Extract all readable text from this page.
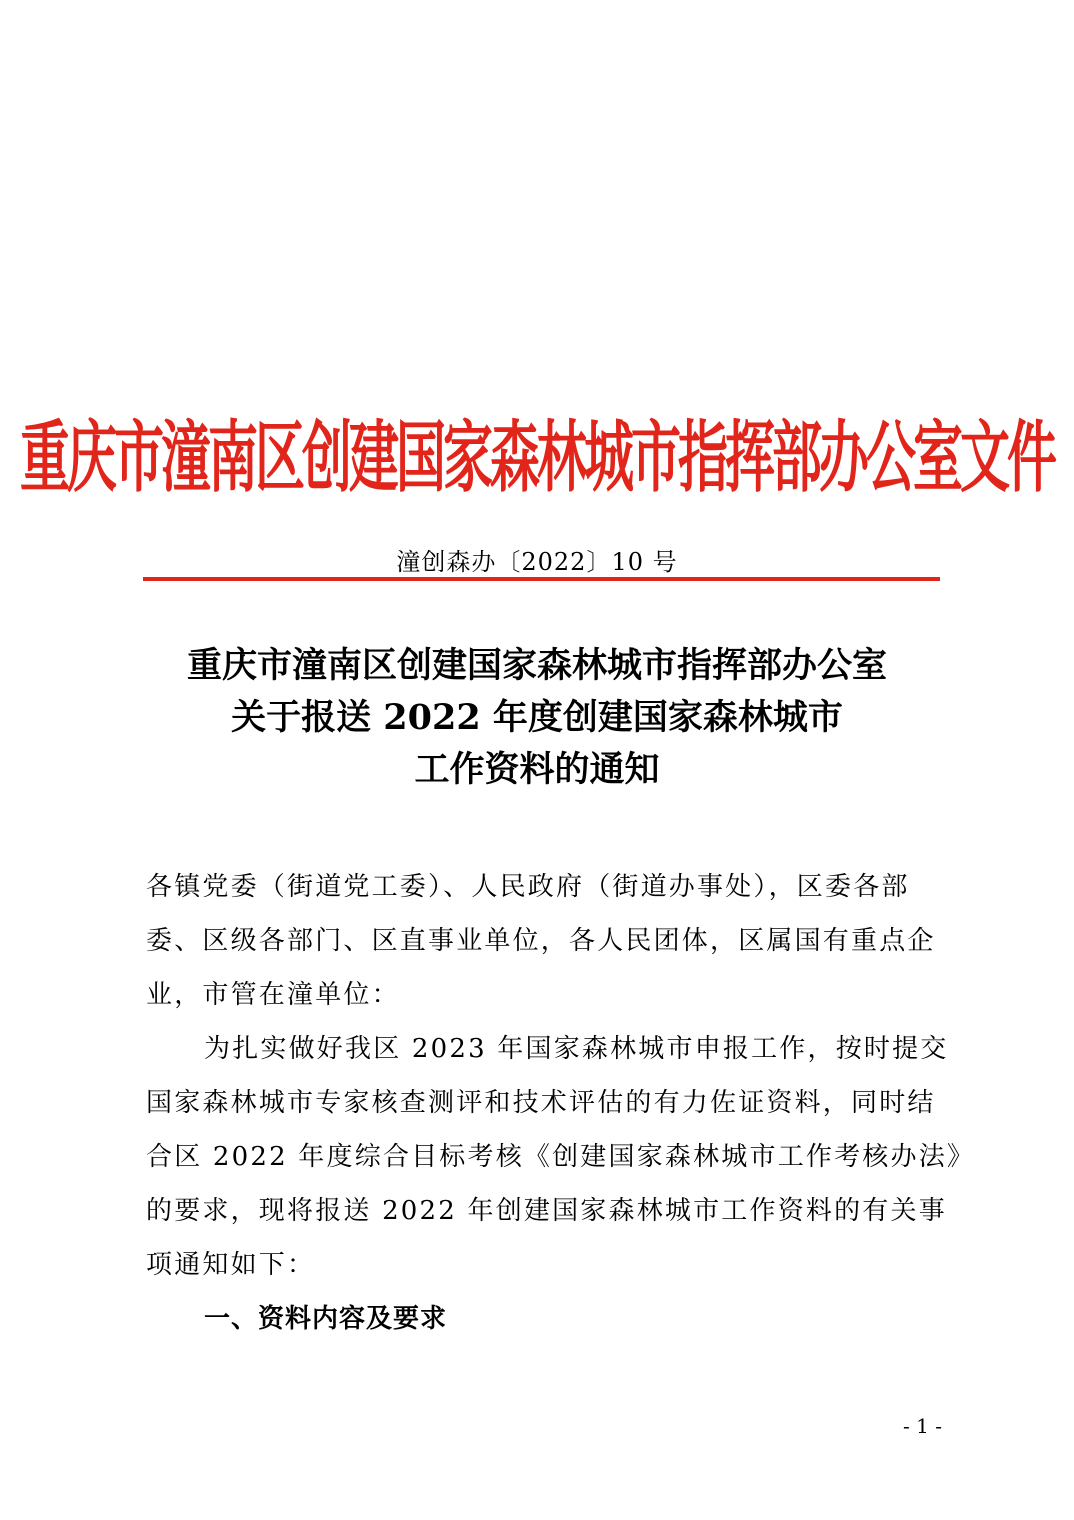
重庆市潼南区创建国家森林城市指挥部办公室文件
潼创森办〔2022〕10 号
重庆市潼南区创建国家森林城市指挥部办公室
关于报送 2022 年度创建国家森林城市
工作资料的通知
各镇党委（街道党工委）、人民政府（街道办事处），区委各部
委、区级各部门、区直事业单位，各人民团体，区属国有重点企
业，市管在潼单位：
为扎实做好我区 2023 年国家森林城市申报工作，按时提交
国家森林城市专家核查测评和技术评估的有力佐证资料，同时结
合区 2022 年度综合目标考核《创建国家森林城市工作考核办法》
的要求，现将报送 2022 年创建国家森林城市工作资料的有关事
项通知如下：
一、资料内容及要求
- 1 -
